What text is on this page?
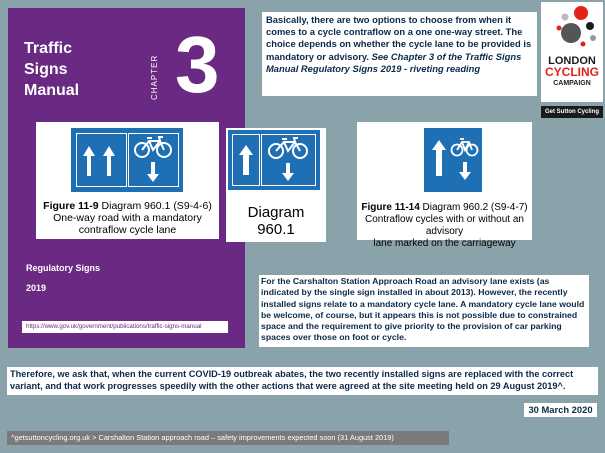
Traffic
Signs
Manual	CHAPTER 3
Regulatory Signs
2019
https://www.gov.uk/government/publications/traffic-signs-manual
Basically, there are two options to choose from when it comes to a cycle contraflow on a one one-way street. The choice depends on whether the cycle lane to be provided is mandatory or advisory. See Chapter 3 of the Traffic Signs Manual Regulatory Signs 2019 - riveting reading
LONDON
CYCLING
CAMPAIGN
Get Sutton Cycling
Figure 11-9 Diagram 960.1 (S9-4-6)
One-way road with a mandatory
contraflow cycle lane
Diagram
960.1
Figure 11-14 Diagram 960.2 (S9-4-7)
Contraflow cycles with or without an advisory
lane marked on the carriageway
For the Carshalton Station Approach Road an advisory lane exists (as indicated by the single sign installed in about 2013). However, the recently installed signs relate to a mandatory cycle lane. A mandatory cycle lane would be welcome, of course, but it appears this is not possible due to constrained space and the requirement to give priority to the provision of car parking spaces over those on foot or cycle.
Therefore, we ask that, when the current COVID-19 outbreak abates, the two recently installed signs are replaced with the correct variant, and that work progresses speedily with the other actions that were agreed at the site meeting held on 29 August 2019^.
30 March 2020
^getsuttoncycling.org.uk > Carshalton Station approach road – safety improvements expected soon (31 August 2019)
